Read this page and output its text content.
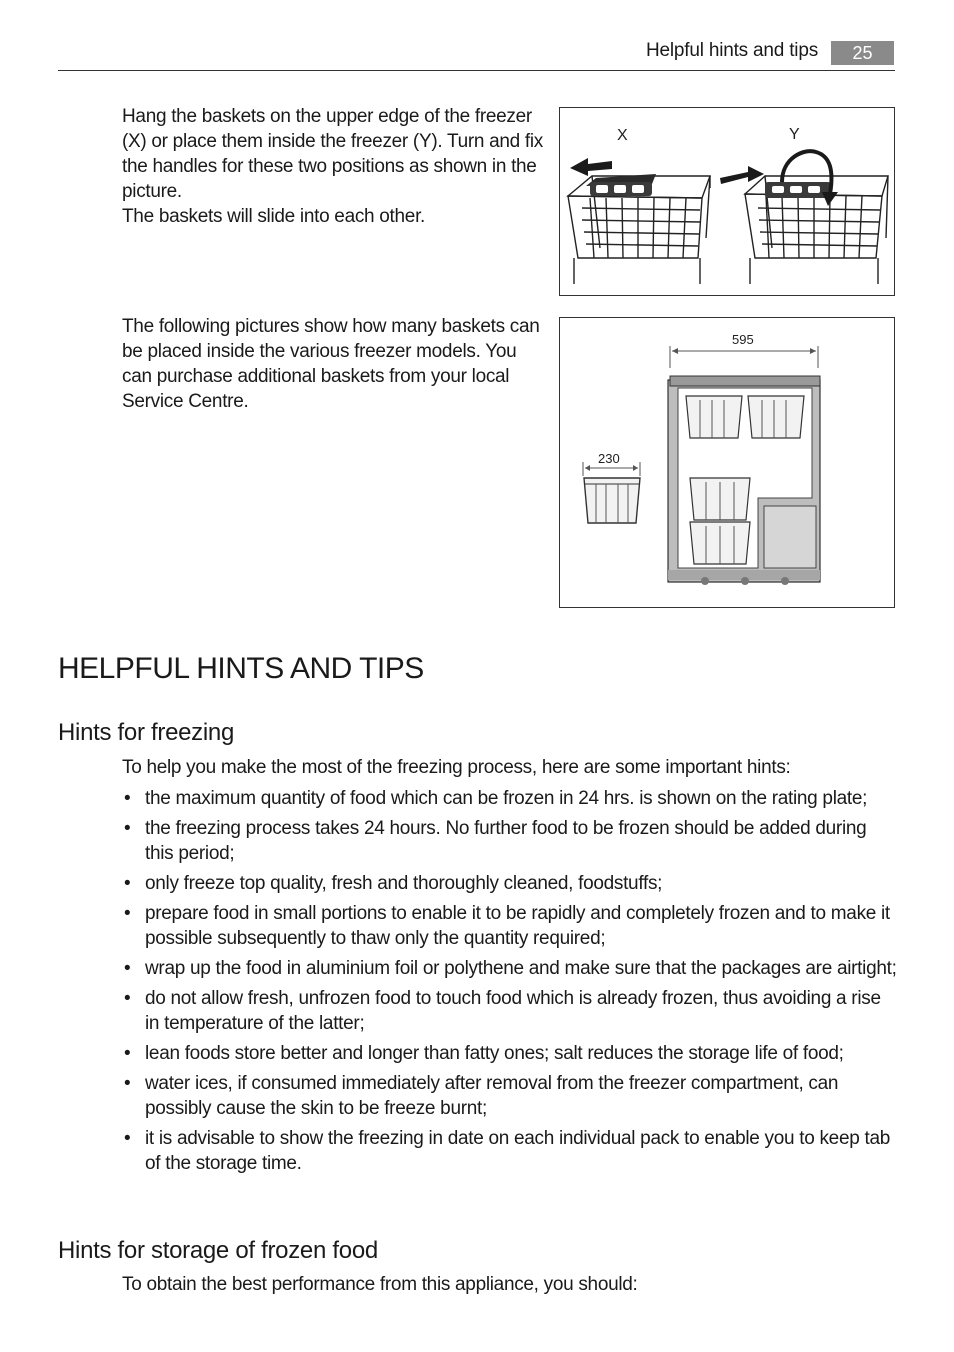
Helpful hints and tips	25

Hang the baskets on the upper edge of the freezer (X) or place them inside the freezer (Y). Turn and fix the handles for these two positions as shown in the picture.

The baskets will slide into each other.

X	Y
The following pictures show how many baskets can be placed inside the various freezer models. You can purchase additional baskets from your local Service Centre.
595
230
HELPFUL HINTS AND TIPS
Hints for freezing
To help you make the most of the freezing process, here are some important hints:
• the maximum quantity of food which can be frozen in 24 hrs. is shown on the rating plate;
• the freezing process takes 24 hours. No further food to be frozen should be added during this period;
• only freeze top quality, fresh and thoroughly cleaned, foodstuffs;
• prepare food in small portions to enable it to be rapidly and completely frozen and to make it possible subsequently to thaw only the quantity required;
• wrap up the food in aluminium foil or polythene and make sure that the packages are airtight;
• do not allow fresh, unfrozen food to touch food which is already frozen, thus avoiding a rise in temperature of the latter;
• lean foods store better and longer than fatty ones; salt reduces the storage life of food;
• water ices, if consumed immediately after removal from the freezer compartment, can possibly cause the skin to be freeze burnt;
• it is advisable to show the freezing in date on each individual pack to enable you to keep tab of the storage time.
Hints for storage of frozen food
To obtain the best performance from this appliance, you should:
